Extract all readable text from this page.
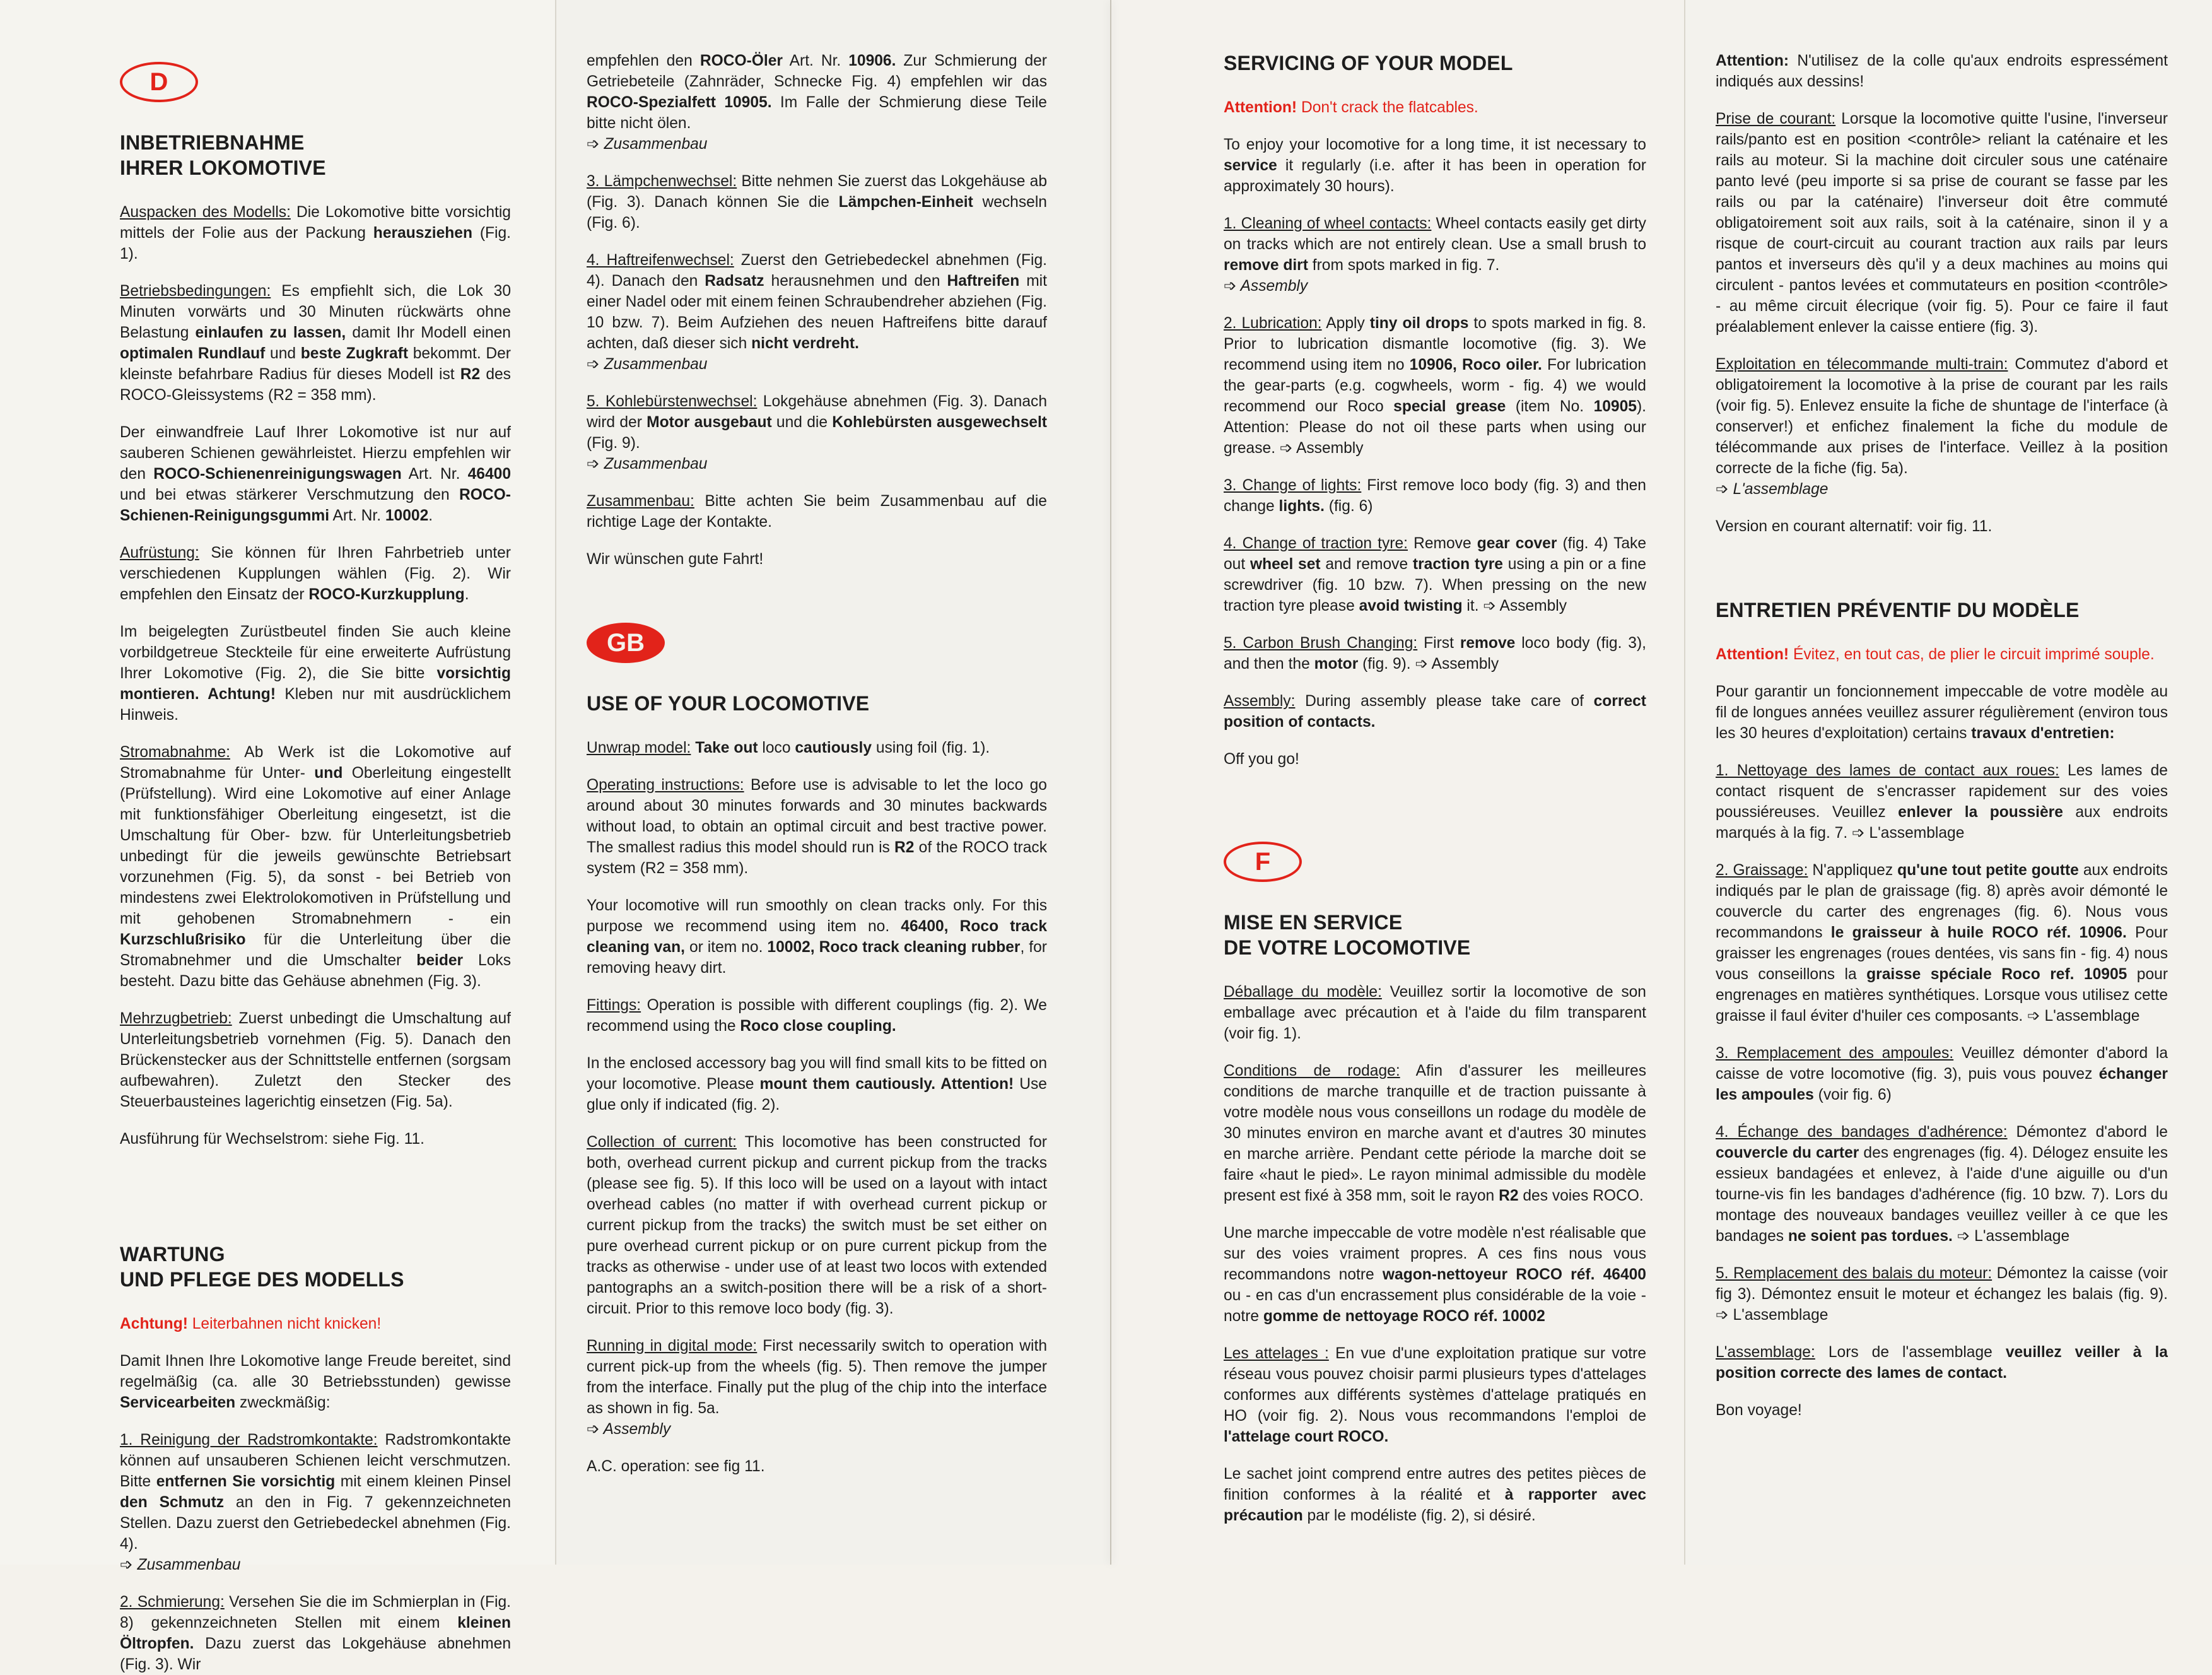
D
INBETRIEBNAHME
IHRER LOKOMOTIVE

Auspacken des Modells: Die Lokomotive bitte vorsichtig mittels der Folie aus der Packung herausziehen (Fig. 1).

Betriebsbedingungen: Es empfiehlt sich, die Lok 30 Minuten vorwärts und 30 Minuten rückwärts ohne Belastung einlaufen zu lassen, damit Ihr Modell einen optimalen Rundlauf und beste Zugkraft bekommt. Der kleinste befahrbare Radius für dieses Modell ist R2 des ROCO-Gleissystems (R2 = 358 mm).

Der einwandfreie Lauf Ihrer Lokomotive ist nur auf sauberen Schienen gewährleistet. Hierzu empfehlen wir den ROCO-Schienenreinigungswagen Art. Nr. 46400 und bei etwas stärkerer Verschmutzung den ROCO-Schienen-Reinigungsgummi Art. Nr. 10002.

Aufrüstung: Sie können für Ihren Fahrbetrieb unter verschiedenen Kupplungen wählen (Fig. 2). Wir empfehlen den Einsatz der ROCO-Kurzkupplung.

Im beigelegten Zurüstbeutel finden Sie auch kleine vorbildgetreue Steckteile für eine erweiterte Aufrüstung Ihrer Lokomotive (Fig. 2), die Sie bitte vorsichtig montieren. Achtung! Kleben nur mit ausdrücklichem Hinweis.

Stromabnahme: Ab Werk ist die Lokomotive auf Stromabnahme für Unter- und Oberleitung eingestellt (Prüfstellung). Wird eine Lokomotive auf einer Anlage mit funktionsfähiger Oberleitung eingesetzt, ist die Umschaltung für Ober- bzw. für Unterleitungsbetrieb unbedingt für die jeweils gewünschte Betriebsart vorzunehmen (Fig. 5), da sonst - bei Betrieb von mindestens zwei Elektrolokomotiven in Prüfstellung und mit gehobenen Stromabnehmern - ein Kurzschlußrisiko für die Unterleitung über die Stromabnehmer und die Umschalter beider Loks besteht. Dazu bitte das Gehäuse abnehmen (Fig. 3).

Mehrzugbetrieb: Zuerst unbedingt die Umschaltung auf Unterleitungsbetrieb vornehmen (Fig. 5). Danach den Brückenstecker aus der Schnittstelle entfernen (sorgsam aufbewahren). Zuletzt den Stecker des Steuerbausteines lagerichtig einsetzen (Fig. 5a).

Ausführung für Wechselstrom: siehe Fig. 11.

WARTUNG
UND PFLEGE DES MODELLS

Achtung! Leiterbahnen nicht knicken!

Damit Ihnen Ihre Lokomotive lange Freude bereitet, sind regelmäßig (ca. alle 30 Betriebsstunden) gewisse Servicearbeiten zweckmäßig:

1. Reinigung der Radstromkontakte: Radstromkontakte können auf unsauberen Schienen leicht verschmutzen. Bitte entfernen Sie vorsichtig mit einem kleinen Pinsel den Schmutz an den in Fig. 7 gekennzeichneten Stellen. Dazu zuerst den Getriebedeckel abnehmen (Fig. 4).
➩ Zusammenbau

2. Schmierung: Versehen Sie die im Schmierplan in (Fig. 8) gekennzeichneten Stellen mit einem kleinen Öltropfen. Dazu zuerst das Lokgehäuse abnehmen (Fig. 3). Wir

empfehlen den ROCO-Öler Art. Nr. 10906. Zur Schmierung der Getriebeteile (Zahnräder, Schnecke Fig. 4) empfehlen wir das ROCO-Spezialfett 10905. Im Falle der Schmierung diese Teile bitte nicht ölen.
➩ Zusammenbau

3. Lämpchenwechsel: Bitte nehmen Sie zuerst das Lokgehäuse ab (Fig. 3). Danach können Sie die Lämpchen-Einheit wechseln (Fig. 6).

4. Haftreifenwechsel: Zuerst den Getriebedeckel abnehmen (Fig. 4). Danach den Radsatz herausnehmen und den Haftreifen mit einer Nadel oder mit einem feinen Schraubendreher abziehen (Fig. 10 bzw. 7). Beim Aufziehen des neuen Haftreifens bitte darauf achten, daß dieser sich nicht verdreht.
➩ Zusammenbau

5. Kohlebürstenwechsel: Lokgehäuse abnehmen (Fig. 3). Danach wird der Motor ausgebaut und die Kohlebürsten ausgewechselt (Fig. 9).
➩ Zusammenbau

Zusammenbau: Bitte achten Sie beim Zusammenbau auf die richtige Lage der Kontakte.

Wir wünschen gute Fahrt!

GB
USE OF YOUR LOCOMOTIVE

Unwrap model: Take out loco cautiously using foil (fig. 1).

Operating instructions: Before use is advisable to let the loco go around about 30 minutes forwards and 30 minutes backwards without load, to obtain an optimal circuit and best tractive power. The smallest radius this model should run is R2 of the ROCO track system (R2 = 358 mm).

Your locomotive will run smoothly on clean tracks only. For this purpose we recommend using item no. 46400, Roco track cleaning van, or item no. 10002, Roco track cleaning rubber, for removing heavy dirt.

Fittings: Operation is possible with different couplings (fig. 2). We recommend using the Roco close coupling.

In the enclosed accessory bag you will find small kits to be fitted on your locomotive. Please mount them cautiously. Attention! Use glue only if indicated (fig. 2).

Collection of current: This locomotive has been constructed for both, overhead current pickup and current pickup from the tracks (please see fig. 5). If this loco will be used on a layout with intact overhead cables (no matter if with overhead current pickup or current pickup from the tracks) the switch must be set either on pure overhead current pickup or on pure current pickup from the tracks as otherwise - under use of at least two locos with extended pantographs an a switch-position there will be a risk of a short-circuit. Prior to this remove loco body (fig. 3).

Running in digital mode: First necessarily switch to operation with current pick-up from the wheels (fig. 5). Then remove the jumper from the interface. Finally put the plug of the chip into the interface as shown in fig. 5a.
➩ Assembly

A.C. operation: see fig 11.

SERVICING OF YOUR MODEL

Attention! Don't crack the flatcables.

To enjoy your locomotive for a long time, it ist necessary to service it regularly (i.e. after it has been in operation for approximately 30 hours).

1. Cleaning of wheel contacts: Wheel contacts easily get dirty on tracks which are not entirely clean. Use a small brush to remove dirt from spots marked in fig. 7.
➩ Assembly

2. Lubrication: Apply tiny oil drops to spots marked in fig. 8. Prior to lubrication dismantle locomotive (fig. 3). We recommend using item no 10906, Roco oiler. For lubrication the gear-parts (e.g. cogwheels, worm - fig. 4) we would recommend our Roco special grease (item No. 10905). Attention: Please do not oil these parts when using our grease. ➩ Assembly

3. Change of lights: First remove loco body (fig. 3) and then change lights. (fig. 6)

4. Change of traction tyre: Remove gear cover (fig. 4) Take out wheel set and remove traction tyre using a pin or a fine screwdriver (fig. 10 bzw. 7). When pressing on the new traction tyre please avoid twisting it. ➩ Assembly

5. Carbon Brush Changing: First remove loco body (fig. 3), and then the motor (fig. 9). ➩ Assembly

Assembly: During assembly please take care of correct position of contacts.

Off you go!

F
MISE EN SERVICE
DE VOTRE LOCOMOTIVE

Déballage du modèle: Veuillez sortir la locomotive de son emballage avec précaution et à l'aide du film transparent (voir fig. 1).

Conditions de rodage: Afin d'assurer les meilleures conditions de marche tranquille et de traction puissante à votre modèle nous vous conseillons un rodage du modèle de 30 minutes environ en marche avant et d'autres 30 minutes en marche arrière. Pendant cette période la marche doit se faire «haut le pied». Le rayon minimal admissible du modèle present est fixé à 358 mm, soit le rayon R2 des voies ROCO.

Une marche impeccable de votre modèle n'est réalisable que sur des voies vraiment propres. A ces fins nous vous recommandons notre wagon-nettoyeur ROCO réf. 46400 ou - en cas d'un encrassement plus considérable de la voie - notre gomme de nettoyage ROCO réf. 10002

Les attelages : En vue d'une exploitation pratique sur votre réseau vous pouvez choisir parmi plusieurs types d'attelages conformes aux différents systèmes d'attelage pratiqués en HO (voir fig. 2). Nous vous recommandons l'emploi de l'attelage court ROCO.

Le sachet joint comprend entre autres des petites pièces de finition conformes à la réalité et à rapporter avec précaution par le modéliste (fig. 2), si désiré.

Attention: N'utilisez de la colle qu'aux endroits espressément indiqués aux dessins!

Prise de courant: Lorsque la locomotive quitte l'usine, l'inverseur rails/panto est en position <contrôle> reliant la caténaire et les rails au moteur. Si la machine doit circuler sous une caténaire panto levé (peu importe si sa prise de courant se fasse par les rails ou par la caténaire) l'inverseur doit être commuté obligatoirement soit aux rails, soit à la caténaire, sinon il y a risque de court-circuit au courant traction aux rails par leurs pantos et inverseurs dès qu'il y a deux machines au moins qui circulent - pantos levées et commutateurs en position <contrôle> - au même circuit élecrique (voir fig. 5). Pour ce faire il faut préalablement enlever la caisse entiere (fig. 3).

Exploitation en télecommande multi-train: Commutez d'abord et obligatoirement la locomotive à la prise de courant par les rails (voir fig. 5). Enlevez ensuite la fiche de shuntage de l'interface (à conserver!) et enfichez finalement la fiche du module de télécommande aux prises de l'interface. Veillez à la position correcte de la fiche (fig. 5a).
➩ L'assemblage

Version en courant alternatif: voir fig. 11.

ENTRETIEN PRÉVENTIF DU MODÈLE

Attention! Évitez, en tout cas, de plier le circuit imprimé souple.

Pour garantir un foncionnement impeccable de votre modèle au fil de longues années veuillez assurer régulièrement (environ tous les 30 heures d'exploitation) certains travaux d'entretien:

1. Nettoyage des lames de contact aux roues: Les lames de contact risquent de s'encrasser rapidement sur des voies poussiéreuses. Veuillez enlever la poussière aux endroits marqués à la fig. 7. ➩ L'assemblage

2. Graissage: N'appliquez qu'une tout petite goutte aux endroits indiqués par le plan de graissage (fig. 8) après avoir démonté le couvercle du carter des engrenages (fig. 6). Nous vous recommandons le graisseur à huile ROCO réf. 10906. Pour graisser les engrenages (roues dentées, vis sans fin - fig. 4) nous vous conseillons la graisse spéciale Roco ref. 10905 pour engrenages en matières synthétiques. Lorsque vous utilisez cette graisse il faul éviter d'huiler ces composants. ➩ L'assemblage

3. Remplacement des ampoules: Veuillez démonter d'abord la caisse de votre locomotive (fig. 3), puis vous pouvez échanger les ampoules (voir fig. 6)

4. Échange des bandages d'adhérence: Démontez d'abord le couvercle du carter des engrenages (fig. 4). Délogez ensuite les essieux bandagées et enlevez, à l'aide d'une aiguille ou d'un tourne-vis fin les bandages d'adhérence (fig. 10 bzw. 7). Lors du montage des nouveaux bandages veuillez veiller à ce que les bandages ne soient pas tordues. ➩ L'assemblage

5. Remplacement des balais du moteur: Démontez la caisse (voir fig 3). Démontez ensuit le moteur et échangez les balais (fig. 9). ➩ L'assemblage

L'assemblage: Lors de l'assemblage veuillez veiller à la position correcte des lames de contact.

Bon voyage!
